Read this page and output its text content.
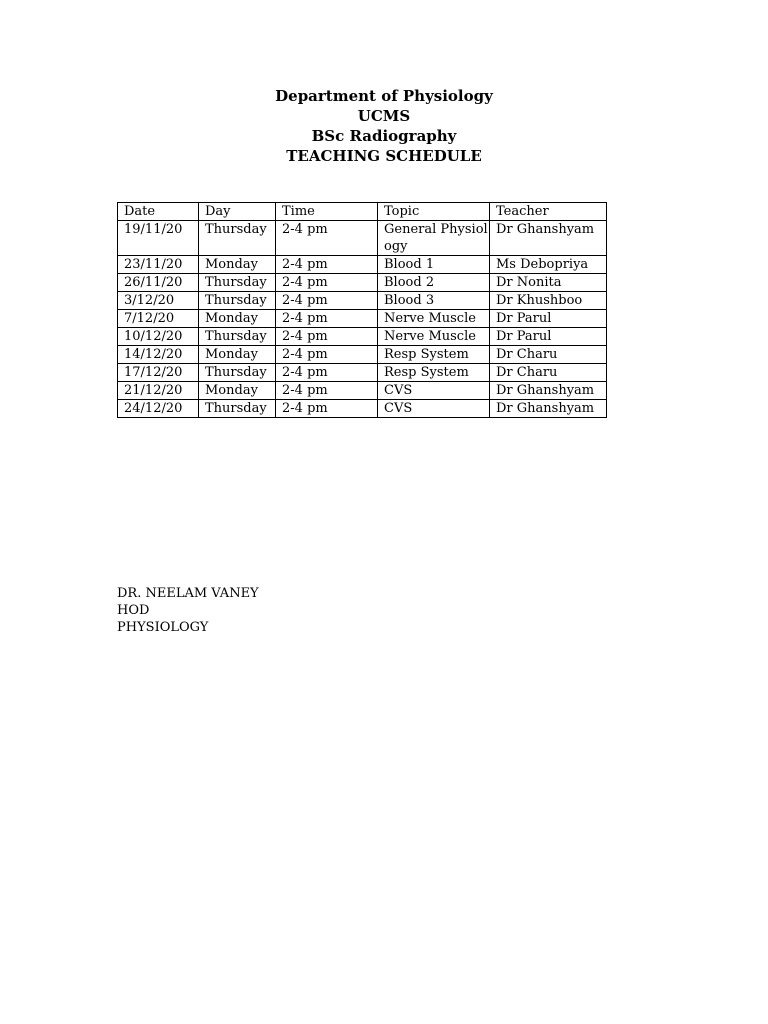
Department of Physiology
UCMS
BSc Radiography
TEACHING SCHEDULE
Date	Day	Time	Topic	Teacher
19/11/20	Thursday	2-4 pm	General Physiology	Dr Ghanshyam
23/11/20	Monday	2-4 pm	Blood 1	Ms Debopriya
26/11/20	Thursday	2-4 pm	Blood 2	Dr Nonita
3/12/20	Thursday	2-4 pm	Blood 3	Dr Khushboo
7/12/20	Monday	2-4 pm	Nerve Muscle	Dr Parul
10/12/20	Thursday	2-4 pm	Nerve Muscle	Dr Parul
14/12/20	Monday	2-4 pm	Resp System	Dr Charu
17/12/20	Thursday	2-4 pm	Resp System	Dr Charu
21/12/20	Monday	2-4 pm	CVS	Dr Ghanshyam
24/12/20	Thursday	2-4 pm	CVS	Dr Ghanshyam
DR. NEELAM VANEY
HOD
PHYSIOLOGY
